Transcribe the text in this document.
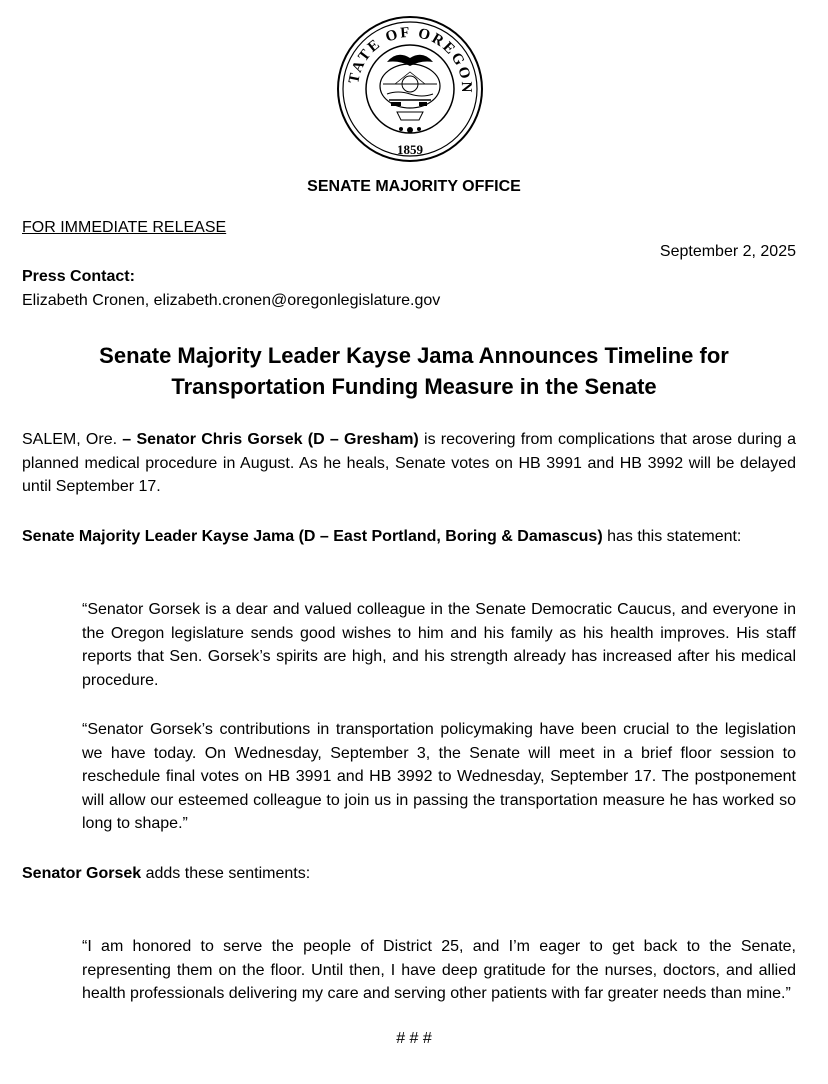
TATE OF OREGON
1859
SENATE MAJORITY OFFICE
FOR IMMEDIATE RELEASE
September 2, 2025
Press Contact:
Elizabeth Cronen, elizabeth.cronen@oregonlegislature.gov
Senate Majority Leader Kayse Jama Announces Timeline for
Transportation Funding Measure in the Senate
SALEM, Ore. – Senator Chris Gorsek (D – Gresham) is recovering from complications that arose during a planned medical procedure in August. As he heals, Senate votes on HB 3991 and HB 3992 will be delayed until September 17.
Senate Majority Leader Kayse Jama (D – East Portland, Boring & Damascus) has this statement:
“Senator Gorsek is a dear and valued colleague in the Senate Democratic Caucus, and everyone in the Oregon legislature sends good wishes to him and his family as his health improves. His staff reports that Sen. Gorsek’s spirits are high, and his strength already has increased after his medical procedure.
“Senator Gorsek’s contributions in transportation policymaking have been crucial to the legislation we have today. On Wednesday, September 3, the Senate will meet in a brief floor session to reschedule final votes on HB 3991 and HB 3992 to Wednesday, September 17. The postponement will allow our esteemed colleague to join us in passing the transportation measure he has worked so long to shape.”
Senator Gorsek adds these sentiments:
“I am honored to serve the people of District 25, and I’m eager to get back to the Senate, representing them on the floor. Until then, I have deep gratitude for the nurses, doctors, and allied health professionals delivering my care and serving other patients with far greater needs than mine.”
# # #
